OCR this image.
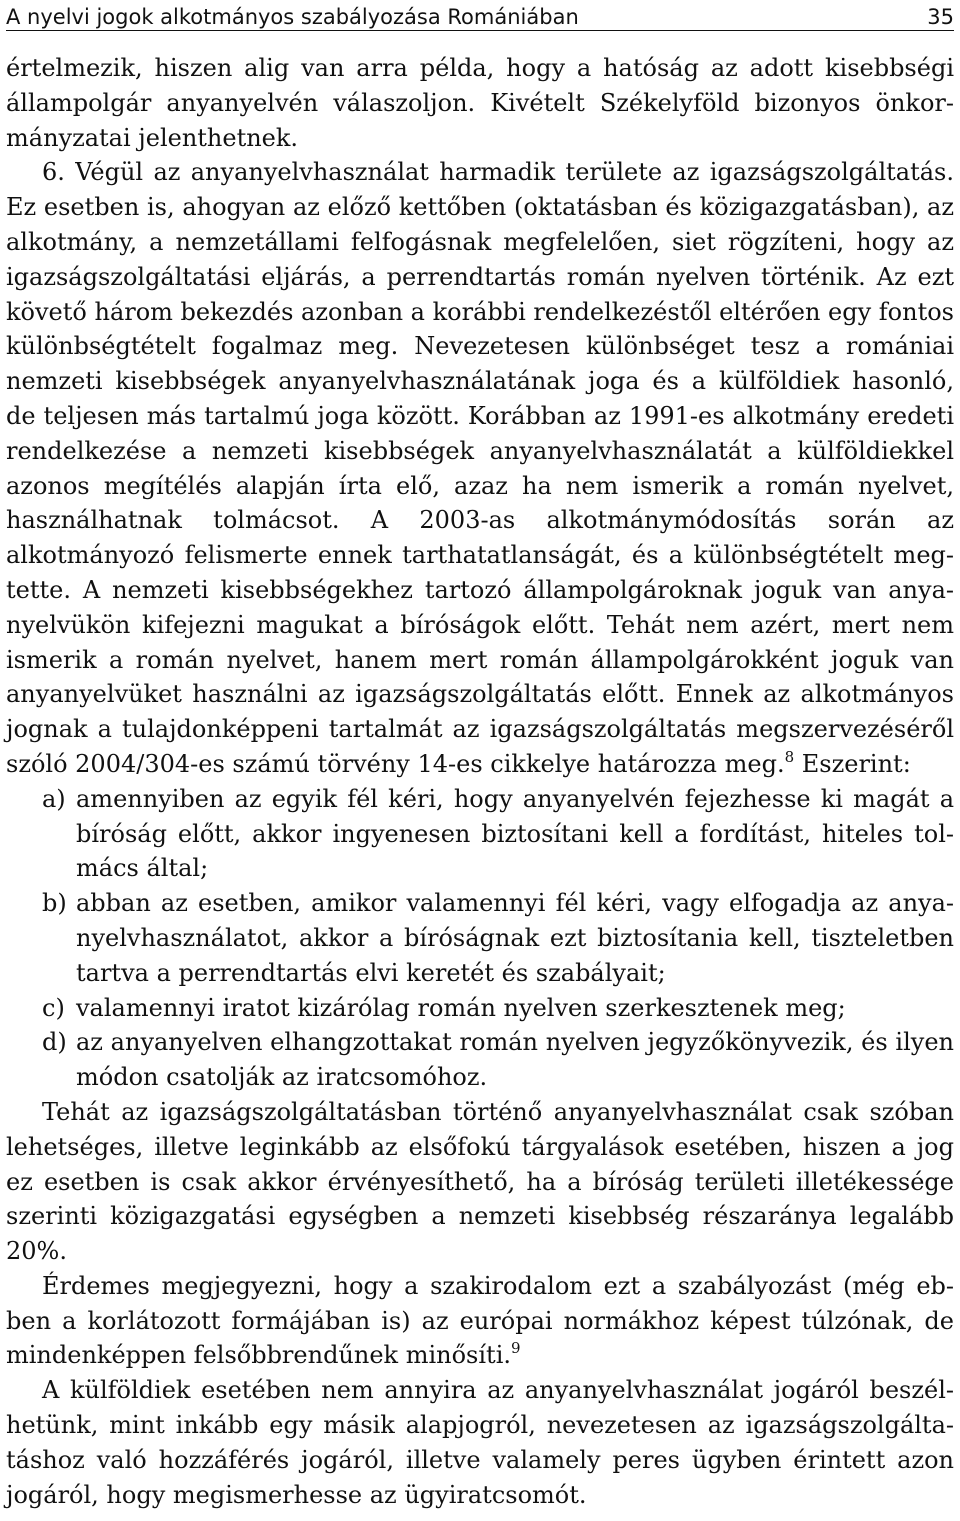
A nyelvi jogok alkotmányos szabályozása Romániában	35

értelmezik, hiszen alig van arra példa, hogy a hatóság az adott kisebbségi állampolgár anyanyelvén válaszoljon. Kivételt Székelyföld bizonyos önkormányzatai jelenthetnek.

6. Végül az anyanyelvhasználat harmadik területe az igazságszolgáltatás. Ez esetben is, ahogyan az előző kettőben (oktatásban és közigazgatásban), az alkotmány, a nemzetállami felfogásnak megfelelően, siet rögzíteni, hogy az igazságszolgáltatási eljárás, a perrendtartás román nyelven történik. Az ezt követő három bekezdés azonban a korábbi rendelkezéstől eltérően egy fontos különbségtételt fogalmaz meg. Nevezetesen különbséget tesz a romániai nemzeti kisebbségek anyanyelvhasználatának joga és a külföldiek hasonló, de teljesen más tartalmú joga között. Korábban az 1991-es alkotmány eredeti rendelkezése a nemzeti kisebbségek anyanyelvhasználatát a külföldiekkel azonos megítélés alapján írta elő, azaz ha nem ismerik a román nyelvet, használhatnak tolmácsot. A 2003-as alkotmánymódosítás során az alkotmányozó felismerte ennek tarthatatlanságát, és a különbségtételt megtette. A nemzeti kisebbségekhez tartozó állampolgároknak joguk van anyanyelvükön kifejezni magukat a bíróságok előtt. Tehát nem azért, mert nem ismerik a román nyelvet, hanem mert román állampolgárokként joguk van anyanyelvüket használni az igazságszolgáltatás előtt. Ennek az alkotmányos jognak a tulajdonképpeni tartalmát az igazságszolgáltatás megszervezéséről szóló 2004/304-es számú törvény 14-es cikkelye határozza meg.$^8$ Eszerint:

a) amennyiben az egyik fél kéri, hogy anyanyelvén fejezhesse ki magát a bíróság előtt, akkor ingyenesen biztosítani kell a fordítást, hiteles tolmács által;
b) abban az esetben, amikor valamennyi fél kéri, vagy elfogadja az anyanyelvhasználatot, akkor a bíróságnak ezt biztosítania kell, tiszteletben tartva a perrendtartás elvi keretét és szabályait;
c) valamennyi iratot kizárólag román nyelven szerkesztenek meg;
d) az anyanyelven elhangzottakat román nyelven jegyzőkönyvezik, és ilyen módon csatolják az iratcsomóhoz.

Tehát az igazságszolgáltatásban történő anyanyelvhasználat csak szóban lehetséges, illetve leginkább az elsőfokú tárgyalások esetében, hiszen a jog ez esetben is csak akkor érvényesíthető, ha a bíróság területi illetékessége szerinti közigazgatási egységben a nemzeti kisebbség részaránya legalább 20%.

Érdemes megjegyezni, hogy a szakirodalom ezt a szabályozást (még ebben a korlátozott formájában is) az európai normákhoz képest túlzónak, de mindenképpen felsőbbrendűnek minősíti.$^9$

A külföldiek esetében nem annyira az anyanyelvhasználat jogáról beszélhetünk, mint inkább egy másik alapjogról, nevezetesen az igazságszolgáltatáshoz való hozzáférés jogáról, illetve valamely peres ügyben érintett azon jogáról, hogy megismerhesse az ügyiratcsomót.
